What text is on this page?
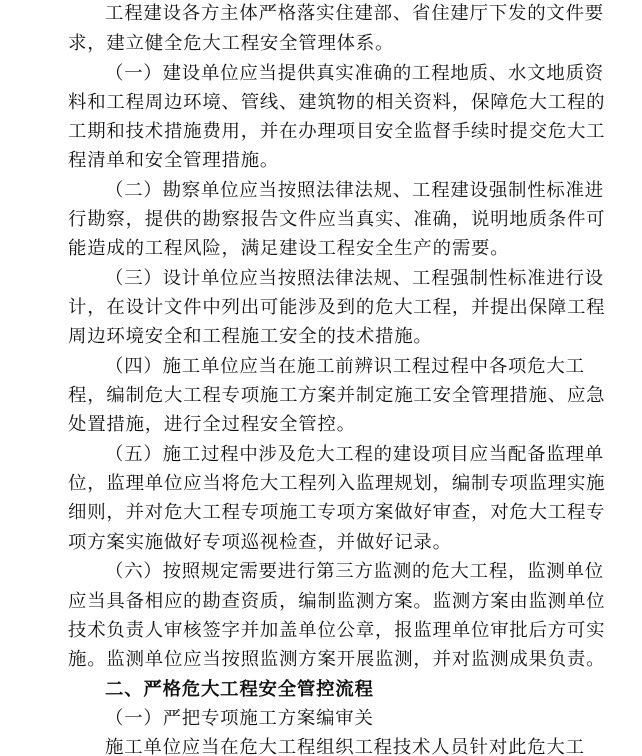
工程建设各方主体严格落实住建部、省住建厅下发的文件要
求，建立健全危大工程安全管理体系。
（一）建设单位应当提供真实准确的工程地质、水文地质资
料和工程周边环境、管线、建筑物的相关资料，保障危大工程的
工期和技术措施费用，并在办理项目安全监督手续时提交危大工
程清单和安全管理措施。
（二）勘察单位应当按照法律法规、工程建设强制性标准进
行勘察，提供的勘察报告文件应当真实、准确，说明地质条件可
能造成的工程风险，满足建设工程安全生产的需要。
（三）设计单位应当按照法律法规、工程强制性标准进行设
计，在设计文件中列出可能涉及到的危大工程，并提出保障工程
周边环境安全和工程施工安全的技术措施。
（四）施工单位应当在施工前辨识工程过程中各项危大工
程，编制危大工程专项施工方案并制定施工安全管理措施、应急
处置措施，进行全过程安全管控。
（五）施工过程中涉及危大工程的建设项目应当配备监理单
位，监理单位应当将危大工程列入监理规划，编制专项监理实施
细则，并对危大工程专项施工专项方案做好审查，对危大工程专
项方案实施做好专项巡视检查，并做好记录。
（六）按照规定需要进行第三方监测的危大工程，监测单位
应当具备相应的勘查资质，编制监测方案。监测方案由监测单位
技术负责人审核签字并加盖单位公章，报监理单位审批后方可实
施。监测单位应当按照监测方案开展监测，并对监测成果负责。
二、严格危大工程安全管控流程
（一）严把专项施工方案编审关
施工单位应当在危大工程组织工程技术人员针对此危大工
